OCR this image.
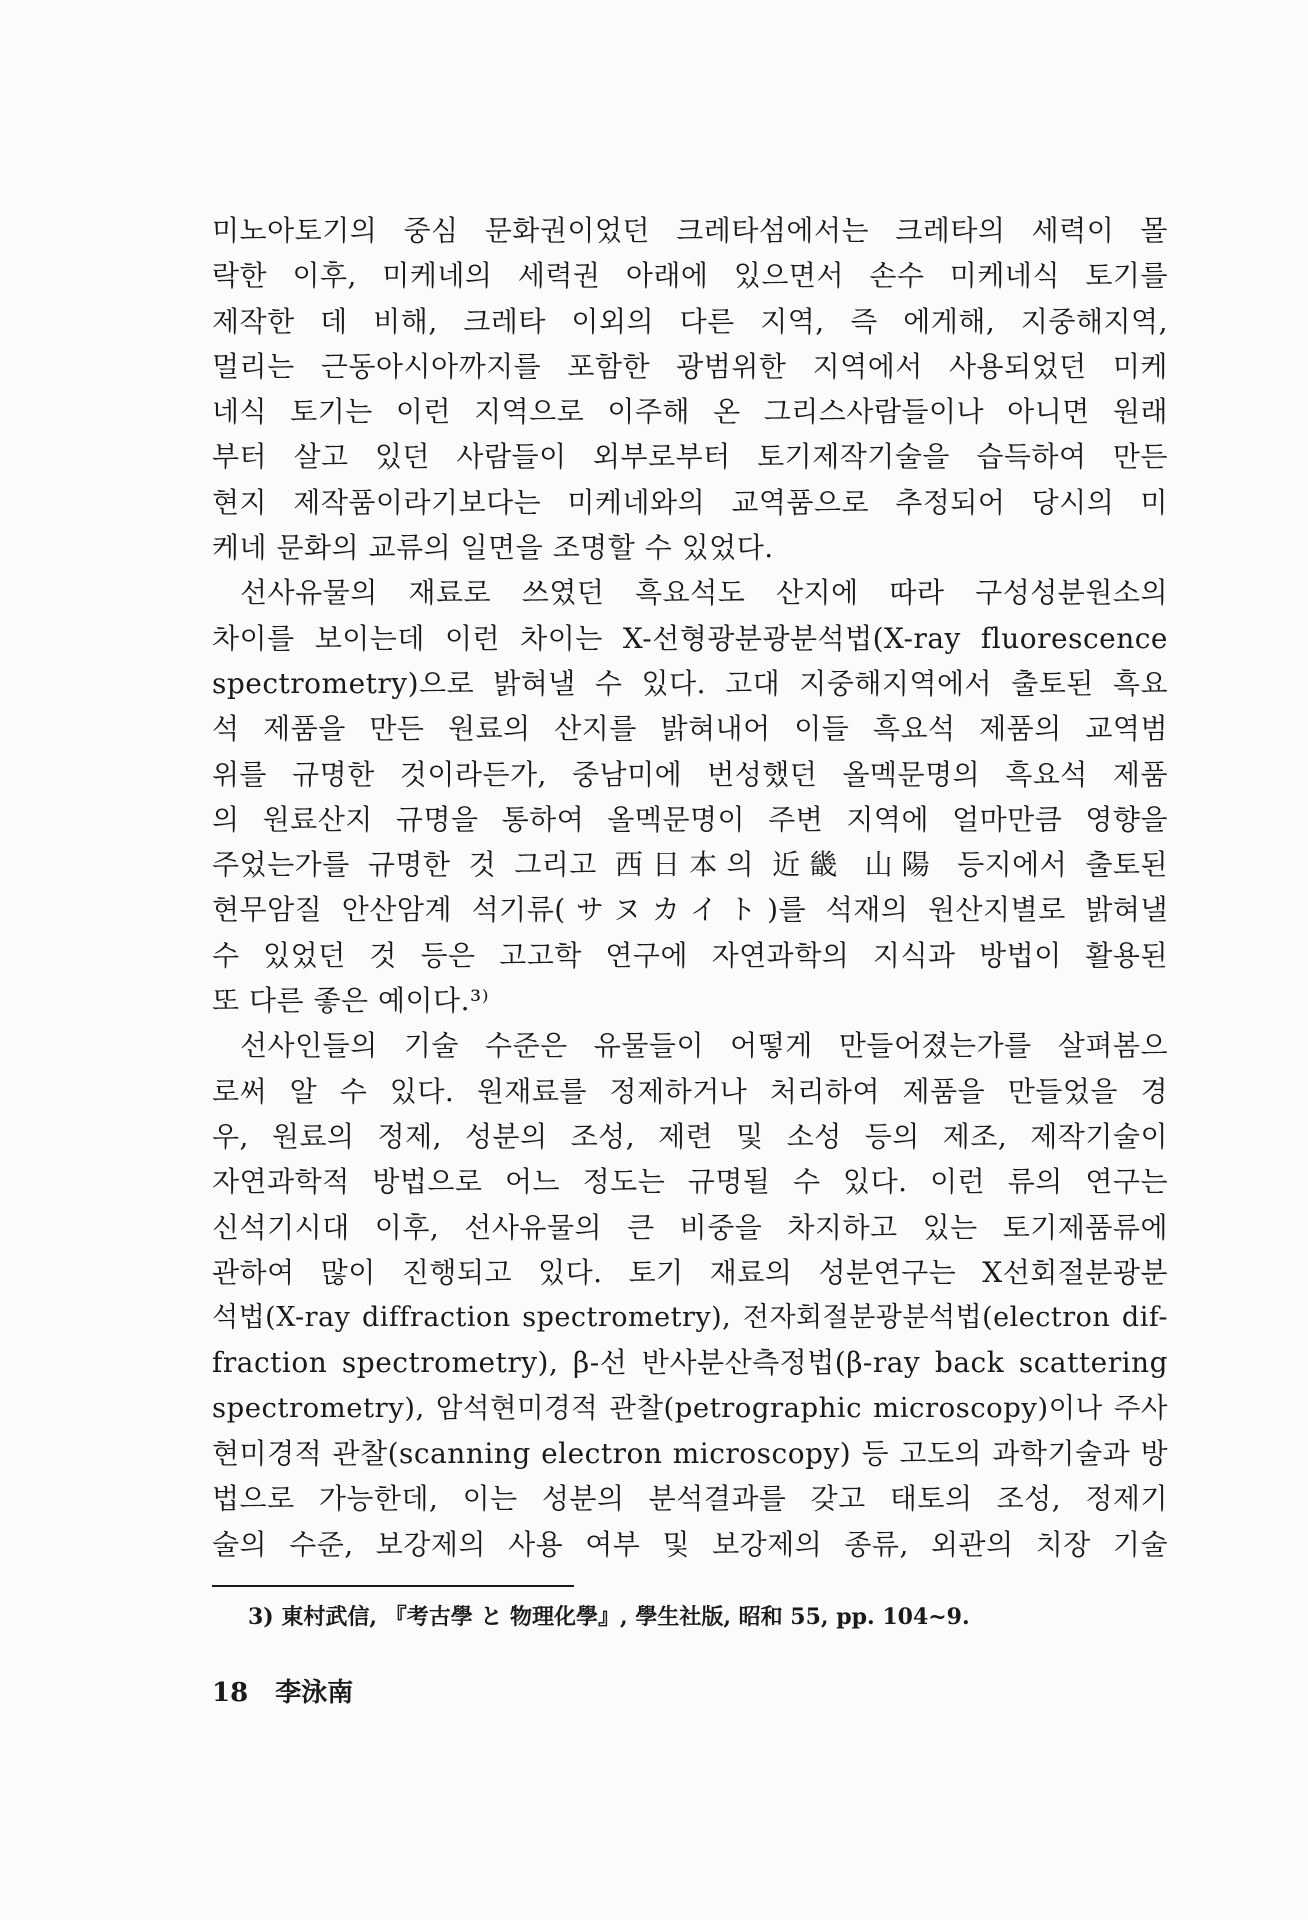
미노아토기의 중심 문화권이었던 크레타섬에서는 크레타의 세력이 몰
락한 이후, 미케네의 세력권 아래에 있으면서 손수 미케네식 토기를
제작한 데 비해, 크레타 이외의 다른 지역, 즉 에게해, 지중해지역,
멀리는 근동아시아까지를 포함한 광범위한 지역에서 사용되었던 미케
네식 토기는 이런 지역으로 이주해 온 그리스사람들이나 아니면 원래
부터 살고 있던 사람들이 외부로부터 토기제작기술을 습득하여 만든
현지 제작품이라기보다는 미케네와의 교역품으로 추정되어 당시의 미
케네 문화의 교류의 일면을 조명할 수 있었다.
선사유물의 재료로 쓰였던 흑요석도 산지에 따라 구성성분원소의
차이를 보이는데 이런 차이는 X-선형광분광분석법(X-ray fluorescence
spectrometry)으로 밝혀낼 수 있다. 고대 지중해지역에서 출토된 흑요
석 제품을 만든 원료의 산지를 밝혀내어 이들 흑요석 제품의 교역범
위를 규명한 것이라든가, 중남미에 번성했던 올멕문명의 흑요석 제품
의 원료산지 규명을 통하여 올멕문명이 주변 지역에 얼마만큼 영향을
주었는가를 규명한 것 그리고 西日本의 近畿 山陽 등지에서 출토된
현무암질 안산암계 석기류(サヌカイト)를 석재의 원산지별로 밝혀낼
수 있었던 것 등은 고고학 연구에 자연과학의 지식과 방법이 활용된
또 다른 좋은 예이다.³⁾
선사인들의 기술 수준은 유물들이 어떻게 만들어졌는가를 살펴봄으
로써 알 수 있다. 원재료를 정제하거나 처리하여 제품을 만들었을 경
우, 원료의 정제, 성분의 조성, 제련 및 소성 등의 제조, 제작기술이
자연과학적 방법으로 어느 정도는 규명될 수 있다. 이런 류의 연구는
신석기시대 이후, 선사유물의 큰 비중을 차지하고 있는 토기제품류에
관하여 많이 진행되고 있다. 토기 재료의 성분연구는 X선회절분광분
석법(X-ray diffraction spectrometry), 전자회절분광분석법(electron dif-
fraction spectrometry), β-선 반사분산측정법(β-ray back scattering
spectrometry), 암석현미경적 관찰(petrographic microscopy)이나 주사
현미경적 관찰(scanning electron microscopy) 등 고도의 과학기술과 방
법으로 가능한데, 이는 성분의 분석결과를 갖고 태토의 조성, 정제기
술의 수준, 보강제의 사용 여부 및 보강제의 종류, 외관의 치장 기술
3) 東村武信, 『考古學 と 物理化學』, 學生社版, 昭和 55, pp. 104~9.
18 李泳南
